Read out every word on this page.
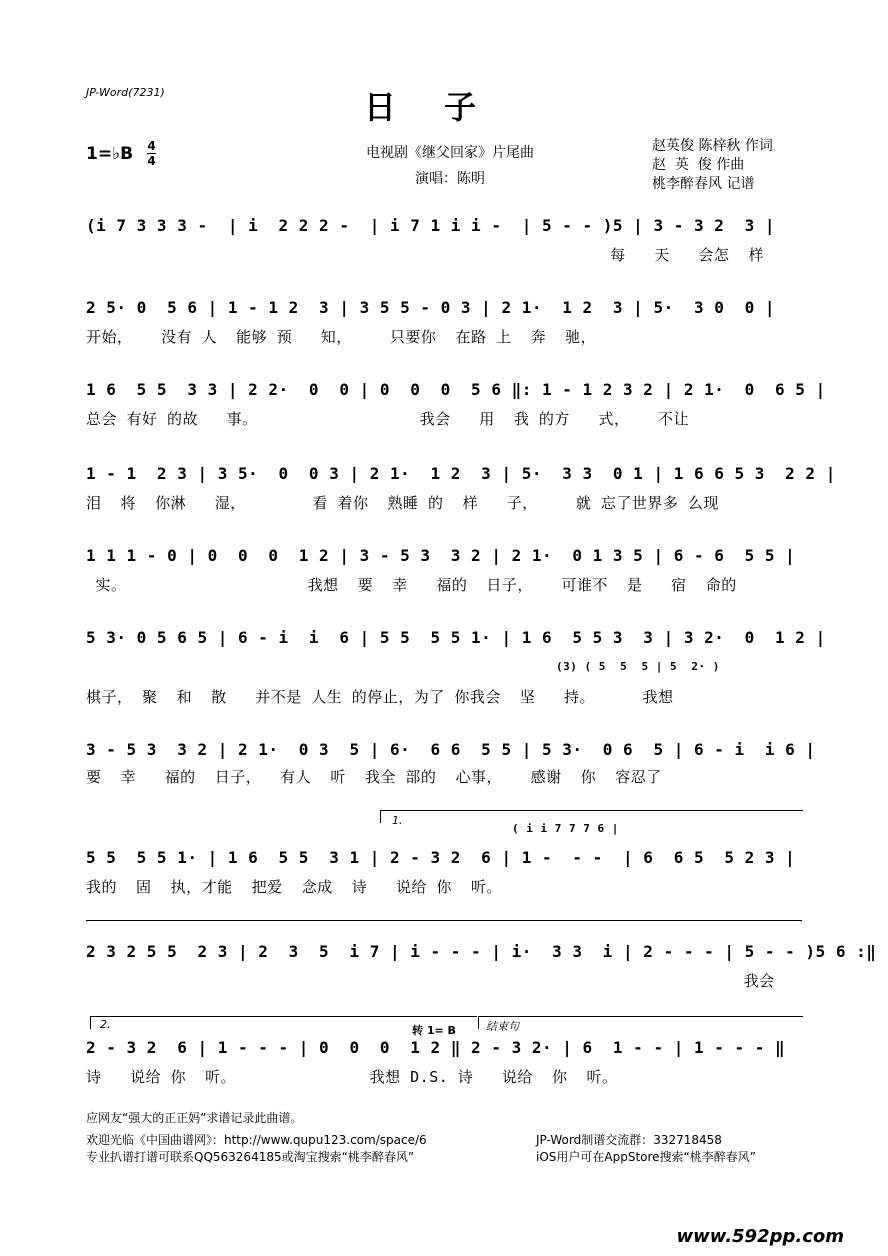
JP-Word(7231)	日子
1=♭B 4
4	电视剧《继父回家》片尾曲
演唱：陈明
赵英俊 陈梓秋 作词
赵  英  俊 作曲
桃李醉春风 记谱
(i 7 3 3 3 -  | i  2 2 2 -  | i 7 1 i i -  | 5 - - )5 | 3 - 3 2  3 |
每   天   会怎  样
2 5· 0  5 6 | 1 - 1 2  3 | 3 5 5 - 0 3 | 2 1·  1 2  3 | 5·  3 0  0 |
开始，   没有 人  能够 预   知，    只要你  在路 上  奔  驰，
1 6  5 5  3 3 | 2 2·  0  0 | 0  0  0  5 6 ‖: 1 - 1 2 3 2 | 2 1·  0  6 5 |
总会 有好 的故   事。                 我会   用  我 的方   式，   不让
1 - 1  2 3 | 3 5·  0  0 3 | 2 1·  1 2  3 | 5·  3 3  0 1 | 1 6 6 5 3  2 2 |
泪  将  你淋   湿，       看 着你  熟睡 的  样   子，    就 忘了世界多 么现
1 1 1 - 0 | 0  0  0  1 2 | 3 - 5 3  3 2 | 2 1·  0 1 3 5 | 6 - 6  5 5 |
实。                   我想  要  幸   福的  日子，   可谁不  是   宿  命的
5 3· 0 5 6 5 | 6 - i  i  6 | 5 5  5 5 1· | 1 6  5 5 3  3 | 3 2·  0  1 2 |
(3) ( 5  5  5 | 5  2· )
棋子， 聚  和  散   并不是 人生 的停止，为了 你我会  坚   持。     我想
3 - 5 3  3 2 | 2 1·  0 3  5 | 6·  6 6  5 5 | 5 3·  0 6  5 | 6 - i  i 6 |
要  幸   福的  日子，  有人  听  我全 部的  心事，   感谢  你  容忍了
1.
( i i 7 7 7 6 |
5 5  5 5 1· | 1 6  5 5  3 1 | 2 - 3 2  6 | 1 -  - -  | 6  6 5  5 2 3 |
我的  固  执，才能  把爱  念成  诗   说给 你  听。
2 3 2 5 5  2 3 | 2  3  5  i 7 | i - - - | i·  3 3  i | 2 - - - | 5 - - )5 6 :‖
我会
2.	结束句
转 1= B
2 - 3 2  6 | 1 - - - | 0  0  0  1 2 ‖ 2 - 3 2· | 6  1 - - | 1 - - - ‖
诗   说给 你  听。              我想 D.S. 诗   说给  你  听。
应网友“强大的正正妈”求谱记录此曲谱。
欢迎光临《中国曲谱网》：http://www.qupu123.com/space/6
专业扒谱打谱可联系QQ563264185或淘宝搜索“桃李醉春风”
JP-Word制谱交流群：332718458
iOS用户可在AppStore搜索“桃李醉春风”
www.592pp.com
